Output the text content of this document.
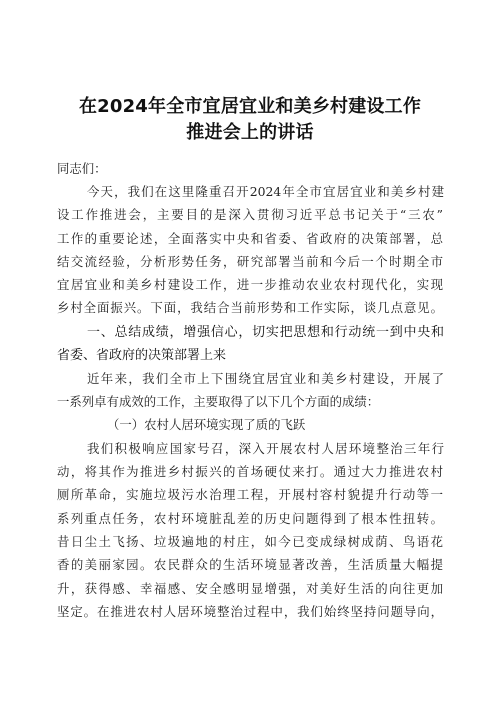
在2024年全市宜居宜业和美乡村建设工作
推进会上的讲话
同志们：
今天，我们在这里隆重召开2024年全市宜居宜业和美乡村建
设工作推进会，主要目的是深入贯彻习近平总书记关于“三农”
工作的重要论述，全面落实中央和省委、省政府的决策部署，总
结交流经验，分析形势任务，研究部署当前和今后一个时期全市
宜居宜业和美乡村建设工作，进一步推动农业农村现代化，实现
乡村全面振兴。下面，我结合当前形势和工作实际，谈几点意见。
一、总结成绩，增强信心，切实把思想和行动统一到中央和
省委、省政府的决策部署上来
近年来，我们全市上下围绕宜居宜业和美乡村建设，开展了
一系列卓有成效的工作，主要取得了以下几个方面的成绩：
（一）农村人居环境实现了质的飞跃
我们积极响应国家号召，深入开展农村人居环境整治三年行
动，将其作为推进乡村振兴的首场硬仗来打。通过大力推进农村
厕所革命，实施垃圾污水治理工程，开展村容村貌提升行动等一
系列重点任务，农村环境脏乱差的历史问题得到了根本性扭转。
昔日尘土飞扬、垃圾遍地的村庄，如今已变成绿树成荫、鸟语花
香的美丽家园。农民群众的生活环境显著改善，生活质量大幅提
升，获得感、幸福感、安全感明显增强，对美好生活的向往更加
坚定。在推进农村人居环境整治过程中，我们始终坚持问题导向，
